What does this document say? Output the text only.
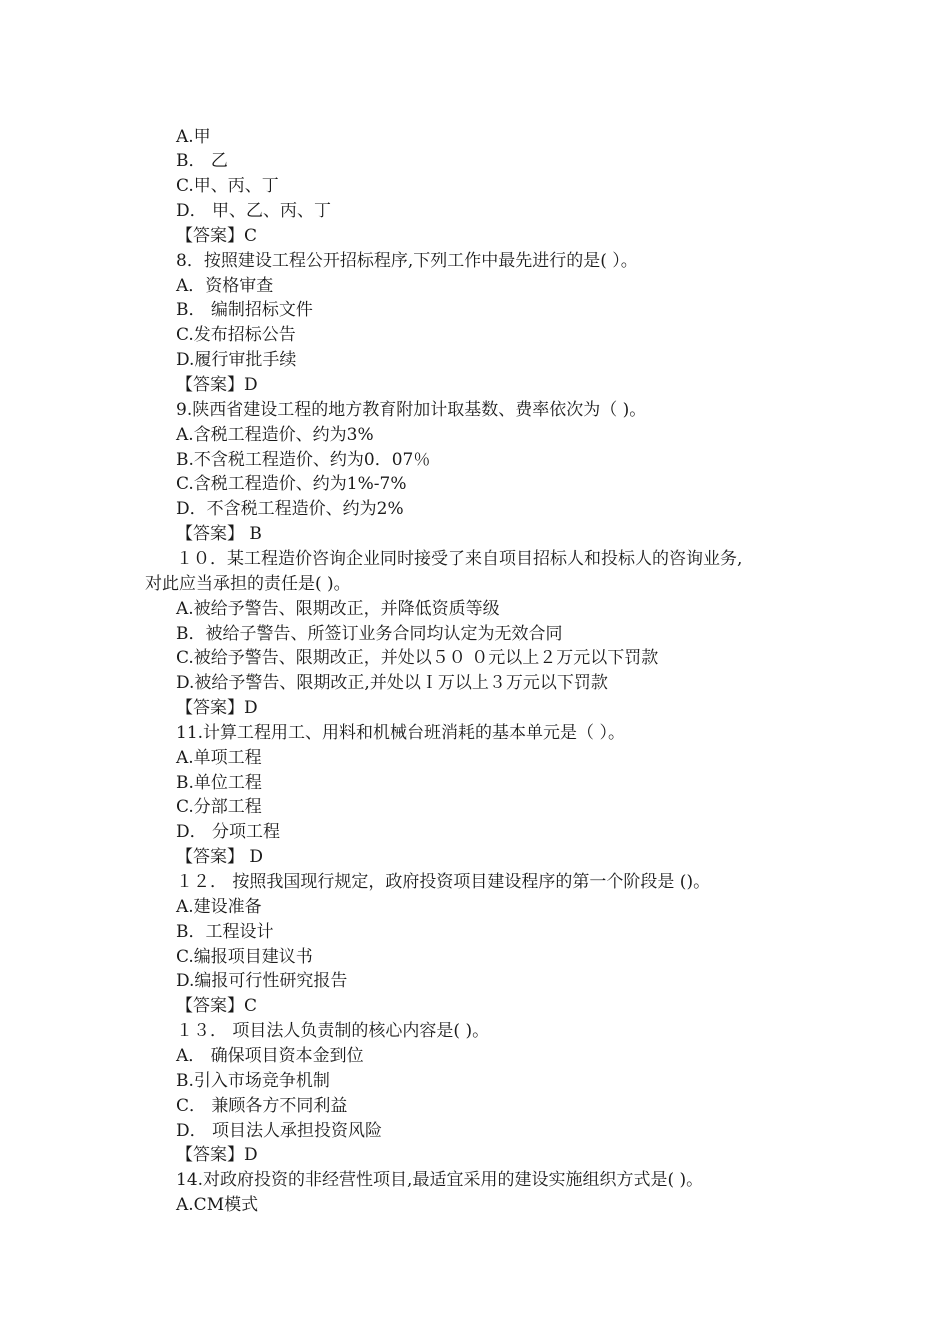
A.甲
B． 乙
C.甲、丙、丁
D． 甲、乙、丙、丁
【答案】C
8．按照建设工程公开招标程序,下列工作中最先进行的是( ）。
A．资格审查
B． 编制招标文件
C.发布招标公告
D.履行审批手续
【答案】D
9.陕西省建设工程的地方教育附加计取基数、费率依次为（ )。
A.含税工程造价、约为3%
B.不含税工程造价、约为0．07％
C.含税工程造价、约为1%-7%
D．不含税工程造价、约为2%
【答案】 B
１０．某工程造价咨询企业同时接受了来自项目招标人和投标人的咨询业务,
对此应当承担的责任是( )。
A.被给予警告、限期改正，并降低资质等级
B．被给子警告、所签订业务合同均认定为无效合同
C.被给予警告、限期改正，并处以５０ ０元以上２万元以下罚款
D.被给予警告、限期改正,并处以Ｉ万以上３万元以下罚款
【答案】D
11.计算工程用工、用料和机械台班消耗的基本单元是（ ）。
A.单项工程
B.单位工程
C.分部工程
D． 分项工程
【答案】 D
１２． 按照我国现行规定，政府投资项目建设程序的第一个阶段是 ()。
A.建设准备
B．工程设计
C.编报项目建议书
D.编报可行性研究报告
【答案】C
１３． 项目法人负责制的核心内容是( )。
A． 确保项目资本金到位
B.引入市场竞争机制
C． 兼顾各方不同利益
D． 项目法人承担投资风险
【答案】D
14.对政府投资的非经营性项目,最适宜采用的建设实施组织方式是( )。
A.CM模式
